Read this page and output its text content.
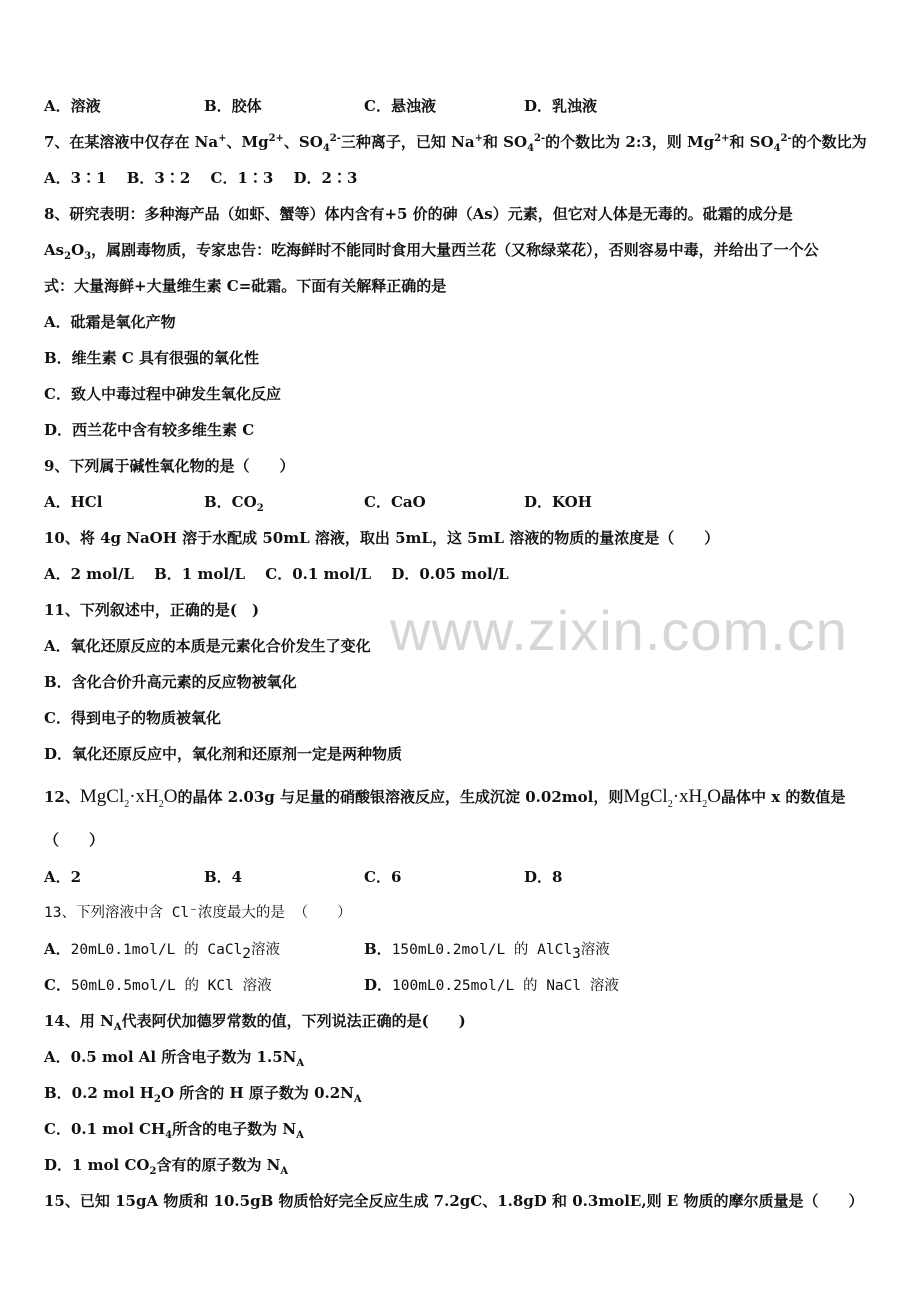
www.zixin.com.cn
A．溶液	B．胶体	C．悬浊液	D．乳浊液
7、在某溶液中仅存在 Na+、$Mg^{2+}$、$SO_4^{2-}$三种离子，已知 Na+和 $SO_4^{2-}$的个数比为 2:3，则 $Mg^{2+}$和 $SO_4^{2-}$的个数比为
A．3∶1　 B．3∶2　 C．1∶3　 D．2∶3
8、研究表明：多种海产品（如虾、蟹等）体内含有+5 价的砷（As）元素，但它对人体是无毒的。砒霜的成分是
$As_2O_3$，属剧毒物质，专家忠告：吃海鲜时不能同时食用大量西兰花（又称绿菜花），否则容易中毒，并给出了一个公
式：大量海鲜+大量维生素 C=砒霜。下面有关解释正确的是
A．砒霜是氧化产物
B．维生素 C 具有很强的氧化性
C．致人中毒过程中砷发生氧化反应
D．西兰花中含有较多维生素 C
9、下列属于碱性氧化物的是（　　）
A．HCl	B．$CO_2$	C．CaO	D．KOH
10、将 4g NaOH 溶于水配成 50mL 溶液，取出 5mL，这 5mL 溶液的物质的量浓度是（　　）
A．2 mol/L　 B．1 mol/L　 C．0.1 mol/L　 D．0.05 mol/L
11、下列叙述中，正确的是(　)
A．氧化还原反应的本质是元素化合价发生了变化
B．含化合价升高元素的反应物被氧化
C．得到电子的物质被氧化
D．氧化还原反应中，氧化剂和还原剂一定是两种物质
12、$MgCl_2\cdot xH_2O$的晶体 2.03g 与足量的硝酸银溶液反应，生成沉淀 0.02mol，则$MgCl_2\cdot xH_2O$晶体中 x 的数值是
（　　）
A．2	B．4	C．6	D．8
13、下列溶液中含 Cl⁻浓度最大的是 （　　）
A．20mL0.1mol/L 的 CaCl$_2$溶液	B．150mL0.2mol/L 的 AlCl$_3$溶液
C．50mL0.5mol/L 的 KCl 溶液	D．100mL0.25mol/L 的 NaCl 溶液
14、用 $N_A$代表阿伏加德罗常数的值，下列说法正确的是(　　)
A．0.5 mol Al 所含电子数为 $1.5N_A$
B．0.2 mol $H_2O$ 所含的 H 原子数为 $0.2N_A$
C．0.1 mol $CH_4$所含的电子数为 $N_A$
D．1 mol $CO_2$含有的原子数为 $N_A$
15、已知 15gA 物质和 10.5gB 物质恰好完全反应生成 7.2gC、1.8gD 和 0.3molE,则 E 物质的摩尔质量是（　　）
